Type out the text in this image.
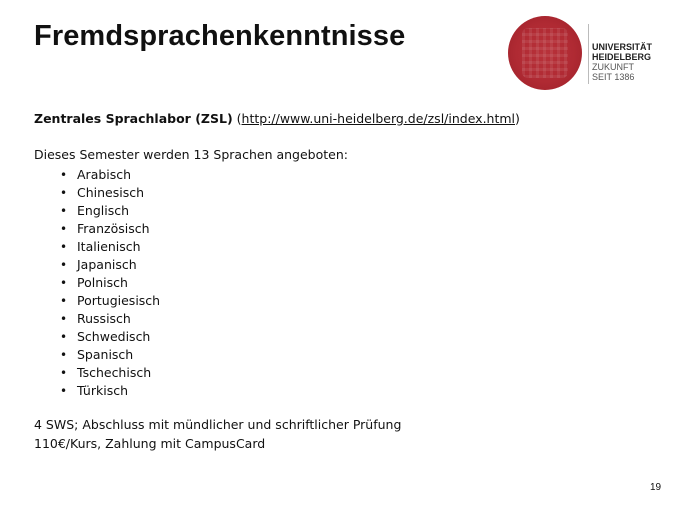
Fremdsprachenkenntnisse	UNIVERSITÄT
HEIDELBERG
ZUKUNFT
SEIT 1386
Zentrales Sprachlabor (ZSL) (http://www.uni-heidelberg.de/zsl/index.html)
Dieses Semester werden 13 Sprachen angeboten:
• Arabisch
• Chinesisch
• Englisch
• Französisch
• Italienisch
• Japanisch
• Polnisch
• Portugiesisch
• Russisch
• Schwedisch
• Spanisch
• Tschechisch
• Türkisch
4 SWS; Abschluss mit mündlicher und schriftlicher Prüfung
110€/Kurs, Zahlung mit CampusCard
19
